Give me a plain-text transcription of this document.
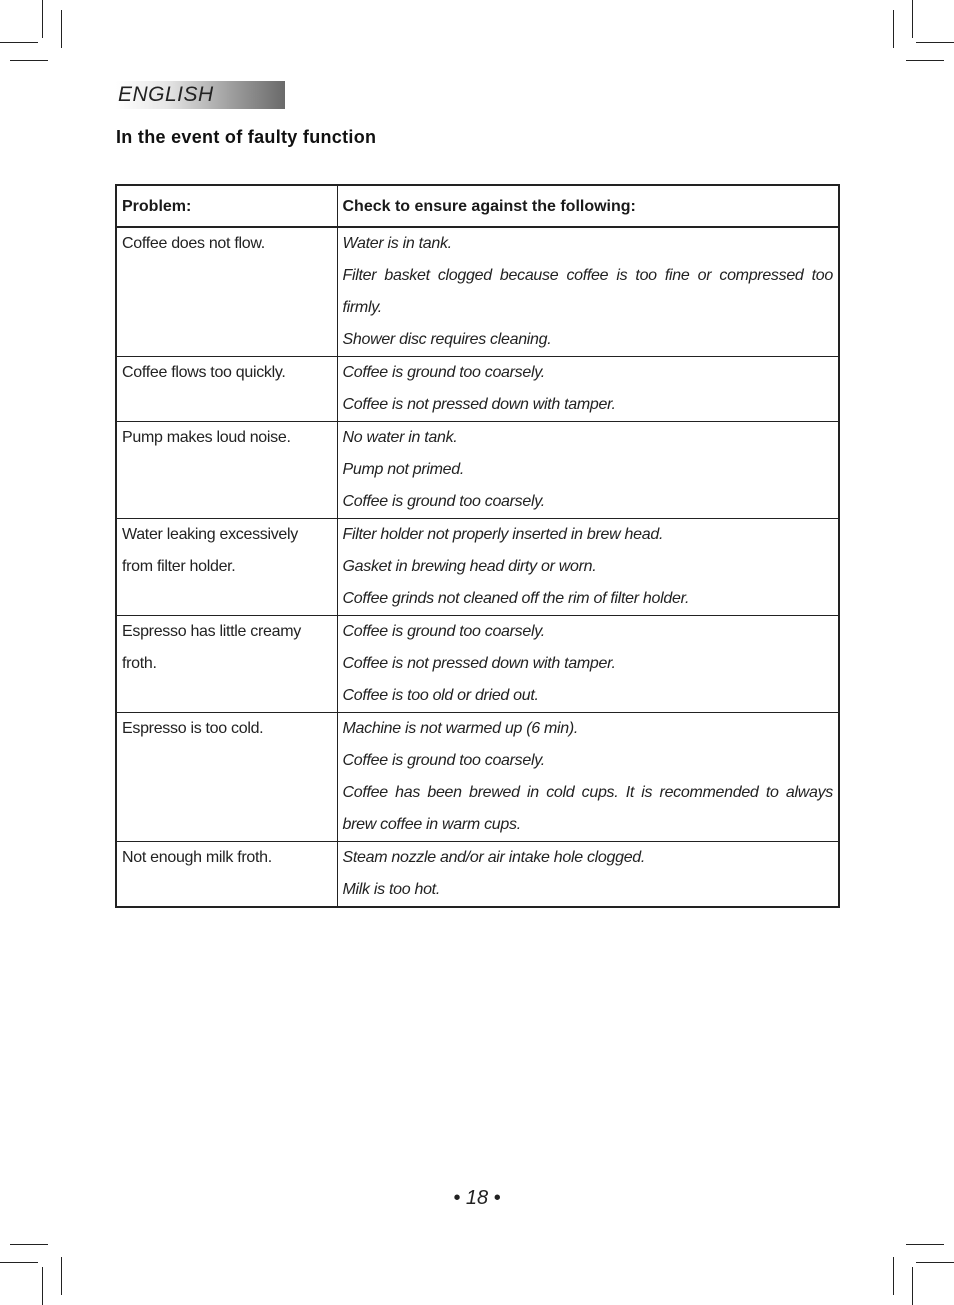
ENGLISH
In the event of faulty function
Problem:	Check to ensure against the following:
Coffee does not flow.	Water is in tank.
Filter basket clogged because coffee is too fine or compressed too firmly.
Shower disc requires cleaning.

Coffee flows too quickly.	Coffee is ground too coarsely.
Coffee is not pressed down with tamper.

Pump makes loud noise.	No water in tank.
Pump not primed.
Coffee is ground too coarsely.

Water leaking excessively from filter holder.	Filter holder not properly inserted in brew head.
Gasket in brewing head dirty or worn.
Coffee grinds not cleaned off the rim of filter holder.

Espresso has little creamy froth.	Coffee is ground too coarsely.
Coffee is not pressed down with tamper.
Coffee is too old or dried out.

Espresso is too cold.	Machine is not warmed up (6 min).
Coffee is ground too coarsely.
Coffee has been brewed in cold cups. It is recommended to always brew coffee in warm cups.

Not enough milk froth.	Steam nozzle and/or air intake hole clogged.
Milk is too hot.
• 18 •
